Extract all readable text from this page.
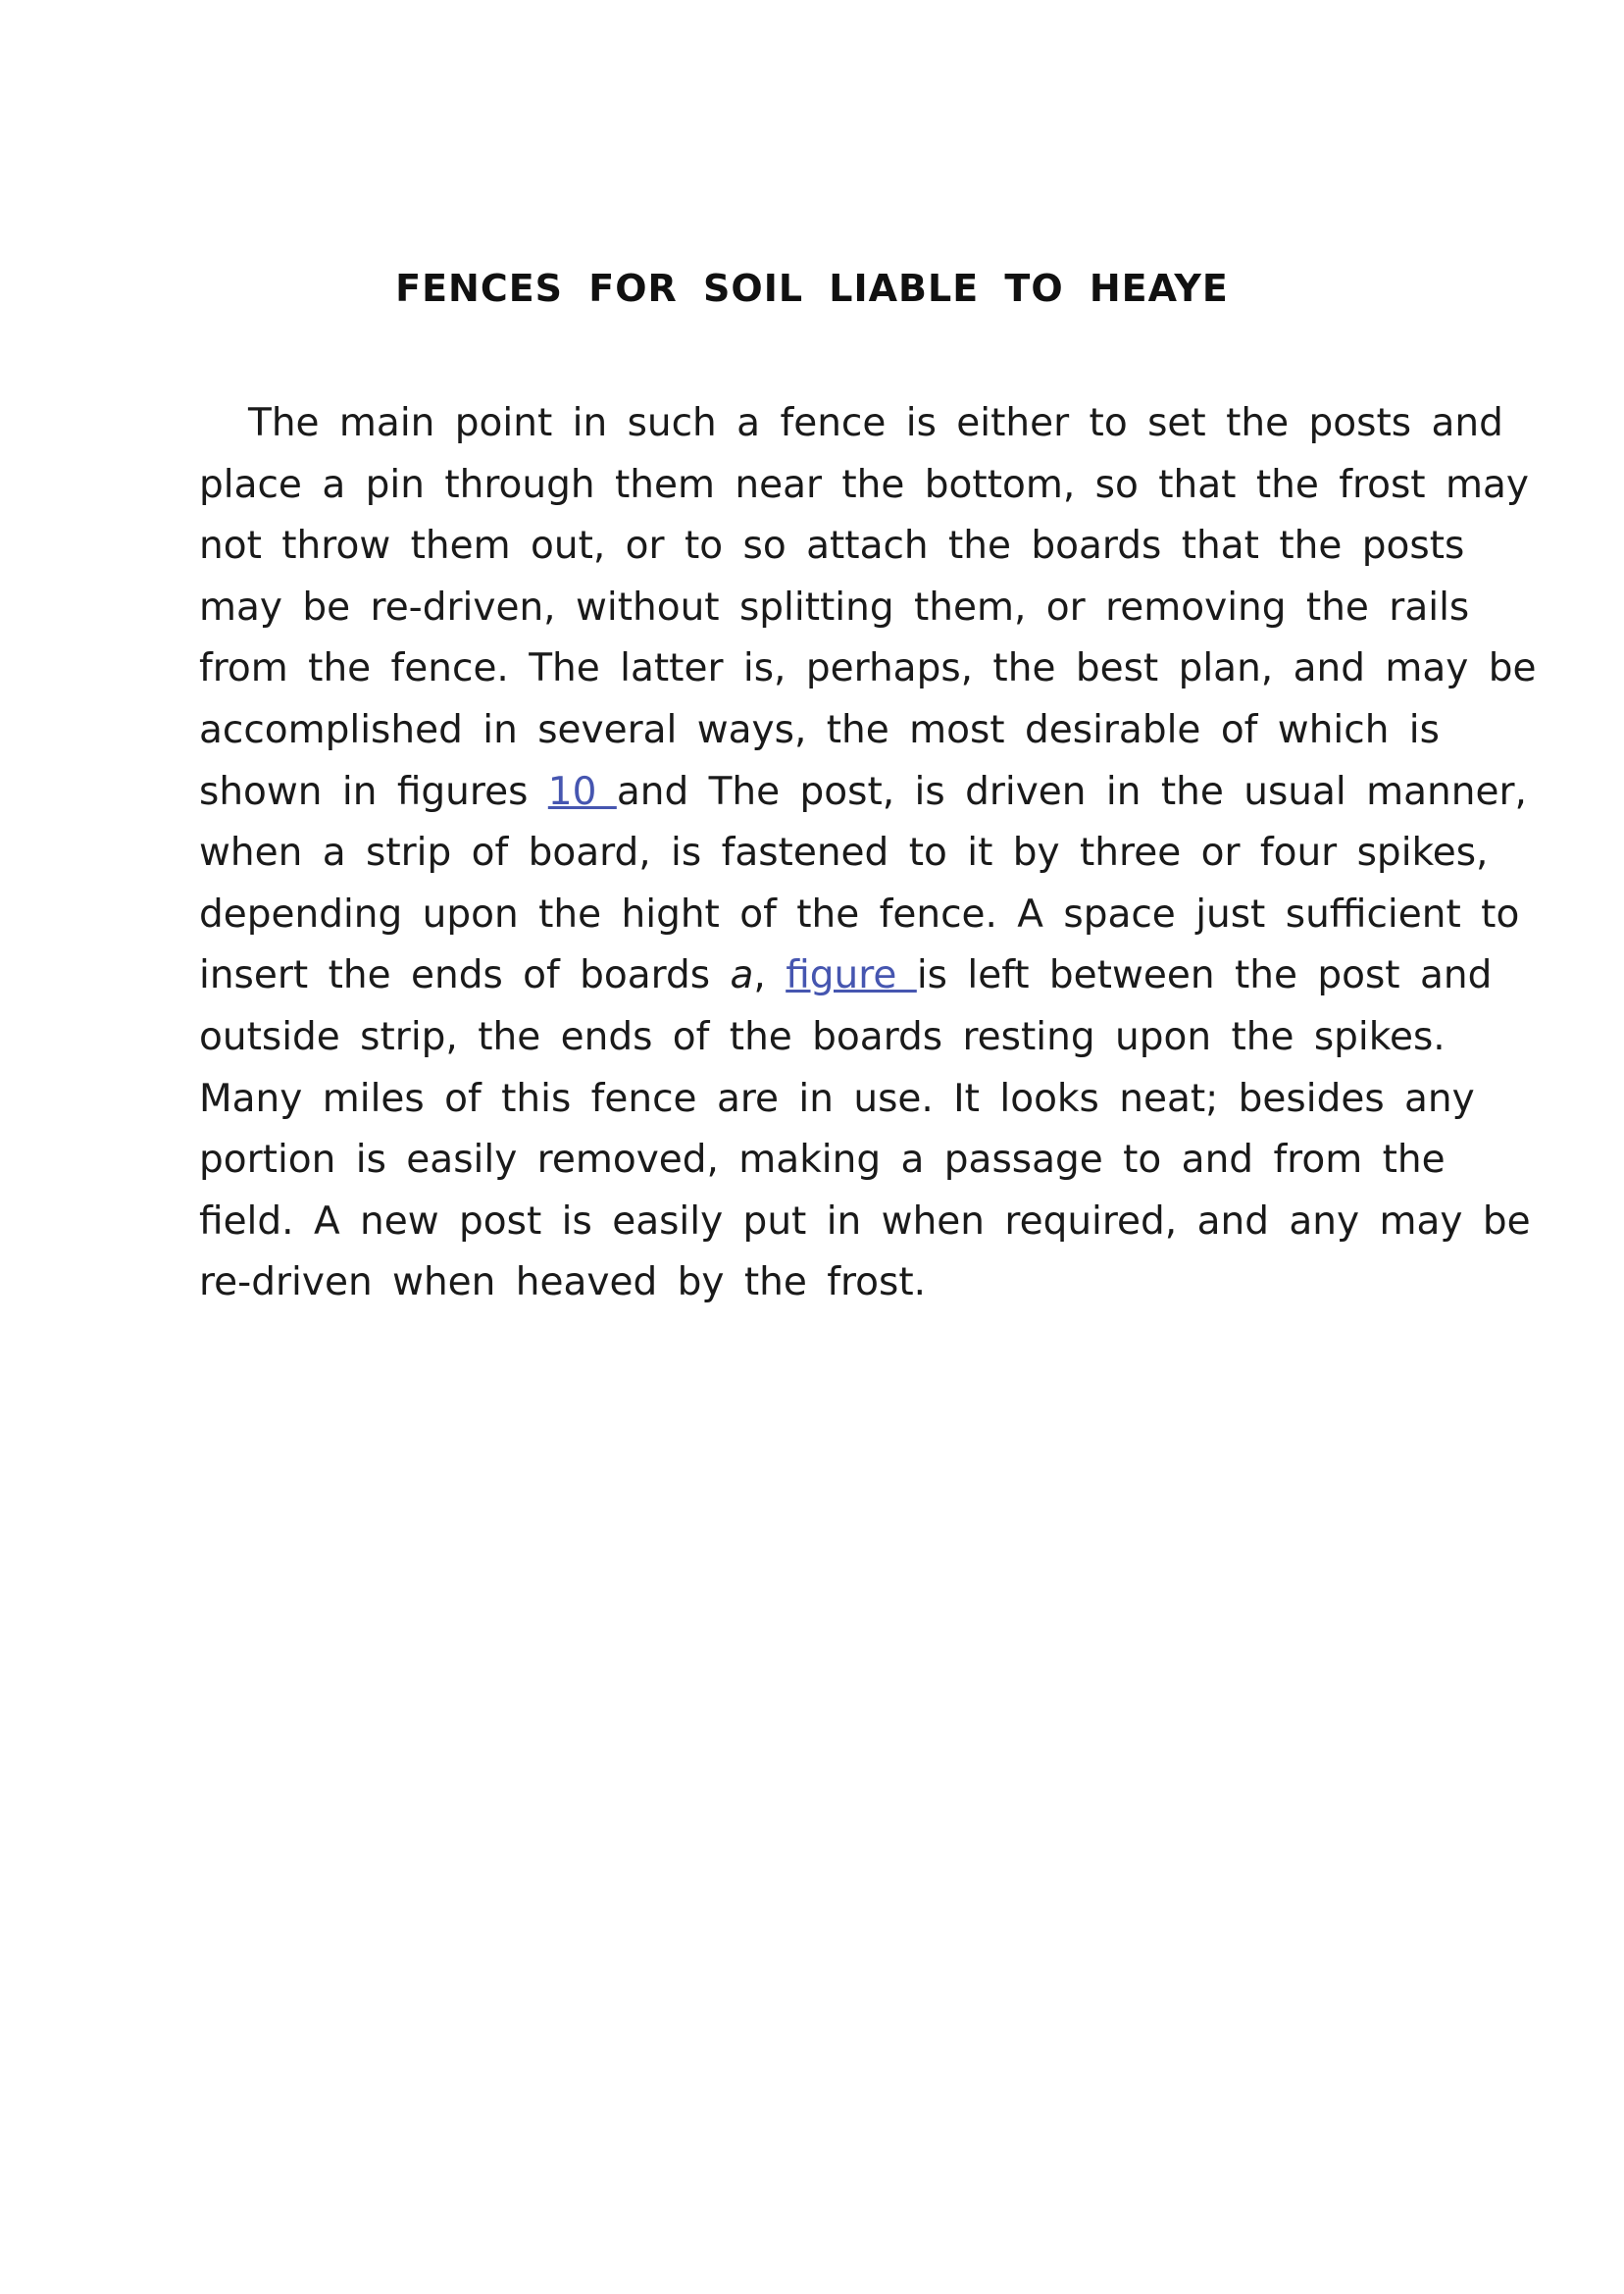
FENCES FOR SOIL LIABLE TO HEAYE
The main point in such a fence is either to set the posts and
place a pin through them near the bottom, so that the frost may
not throw them out, or to so attach the boards that the posts
may be re-driven, without splitting them, or removing the rails
from the fence. The latter is, perhaps, the best plan, and may be
accomplished in several ways, the most desirable of which is
shown in figures 10 and The post, is driven in the usual manner,
when a strip of board, is fastened to it by three or four spikes,
depending upon the hight of the fence. A space just sufficient to
insert the ends of boards a, figure is left between the post and
outside strip, the ends of the boards resting upon the spikes.
Many miles of this fence are in use. It looks neat; besides any
portion is easily removed, making a passage to and from the
field. A new post is easily put in when required, and any may be
re-driven when heaved by the frost.
